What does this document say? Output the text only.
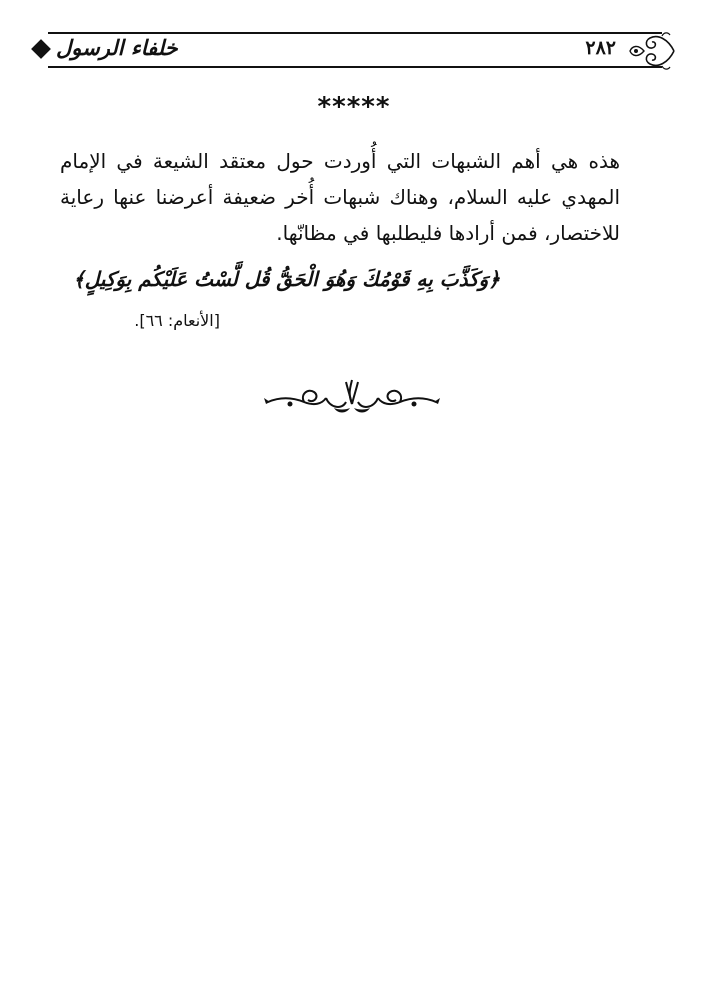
خلفاء الرسول	٢٨٢
*****
هذه هي أهم الشبهات التي أُوردت حول معتقد الشيعة في الإمام المهدي عليه السلام، وهناك شبهات أُخر ضعيفة أعرضنا عنها رعاية للاختصار، فمن أرادها فليطلبها في مظانّها.
﴿وَكَذَّبَ بِهِ قَوْمُكَ وَهُوَ الْحَقُّ قُل لَّسْتُ عَلَيْكُم بِوَكِيلٍ﴾
[الأنعام: ٦٦].
